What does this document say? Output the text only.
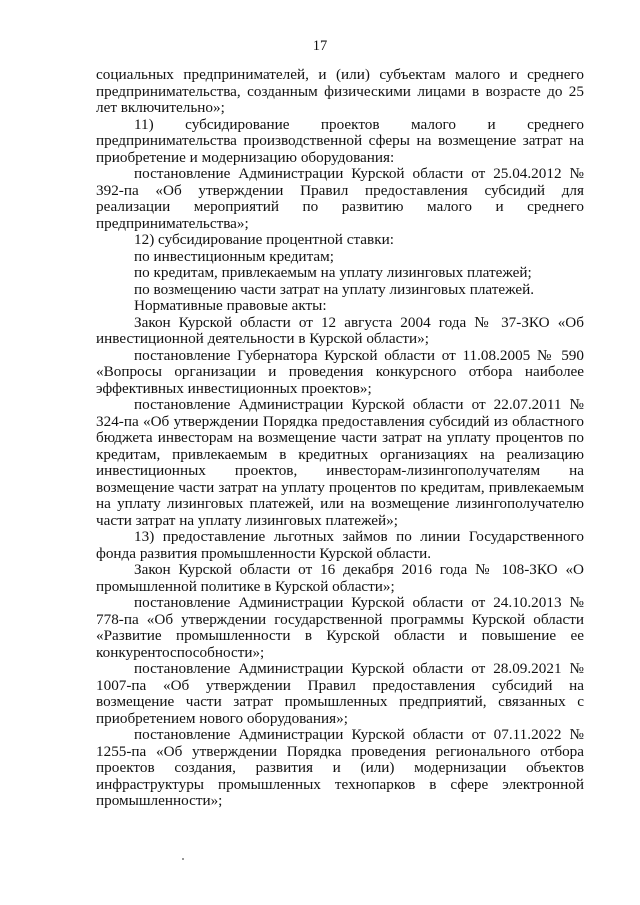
17

социальных предпринимателей, и (или) субъектам малого и среднего предпринимательства, созданным физическими лицами в возрасте до 25 лет включительно»;

11) субсидирование проектов малого и среднего предпринимательства производственной сферы на возмещение затрат на приобретение и модернизацию оборудования:

постановление Администрации Курской области от 25.04.2012 № 392-па «Об утверждении Правил предоставления субсидий для реализации мероприятий по развитию малого и среднего предпринимательства»;

12) субсидирование процентной ставки:

по инвестиционным кредитам;

по кредитам, привлекаемым на уплату лизинговых платежей;

по возмещению части затрат на уплату лизинговых платежей.

Нормативные правовые акты:

Закон Курской области от 12 августа 2004 года № 37-ЗКО «Об инвестиционной деятельности в Курской области»;

постановление Губернатора Курской области от 11.08.2005 № 590 «Вопросы организации и проведения конкурсного отбора наиболее эффективных инвестиционных проектов»;

постановление Администрации Курской области от 22.07.2011 № 324-па «Об утверждении Порядка предоставления субсидий из областного бюджета инвесторам на возмещение части затрат на уплату процентов по кредитам, привлекаемым в кредитных организациях на реализацию инвестиционных проектов, инвесторам-лизингополучателям на возмещение части затрат на уплату процентов по кредитам, привлекаемым на уплату лизинговых платежей, или на возмещение лизингополучателю части затрат на уплату лизинговых платежей»;

13) предоставление льготных займов по линии Государственного фонда развития промышленности Курской области.

Закон Курской области от 16 декабря 2016 года № 108-ЗКО «О промышленной политике в Курской области»;

постановление Администрации Курской области от 24.10.2013 № 778-па «Об утверждении государственной программы Курской области «Развитие промышленности в Курской области и повышение ее конкурентоспособности»;

постановление Администрации Курской области от 28.09.2021 № 1007-па «Об утверждении Правил предоставления субсидий на возмещение части затрат промышленных предприятий, связанных с приобретением нового оборудования»;

постановление Администрации Курской области от 07.11.2022 № 1255-па «Об утверждении Порядка проведения регионального отбора проектов создания, развития и (или) модернизации объектов инфраструктуры промышленных технопарков в сфере электронной промышленности»;
